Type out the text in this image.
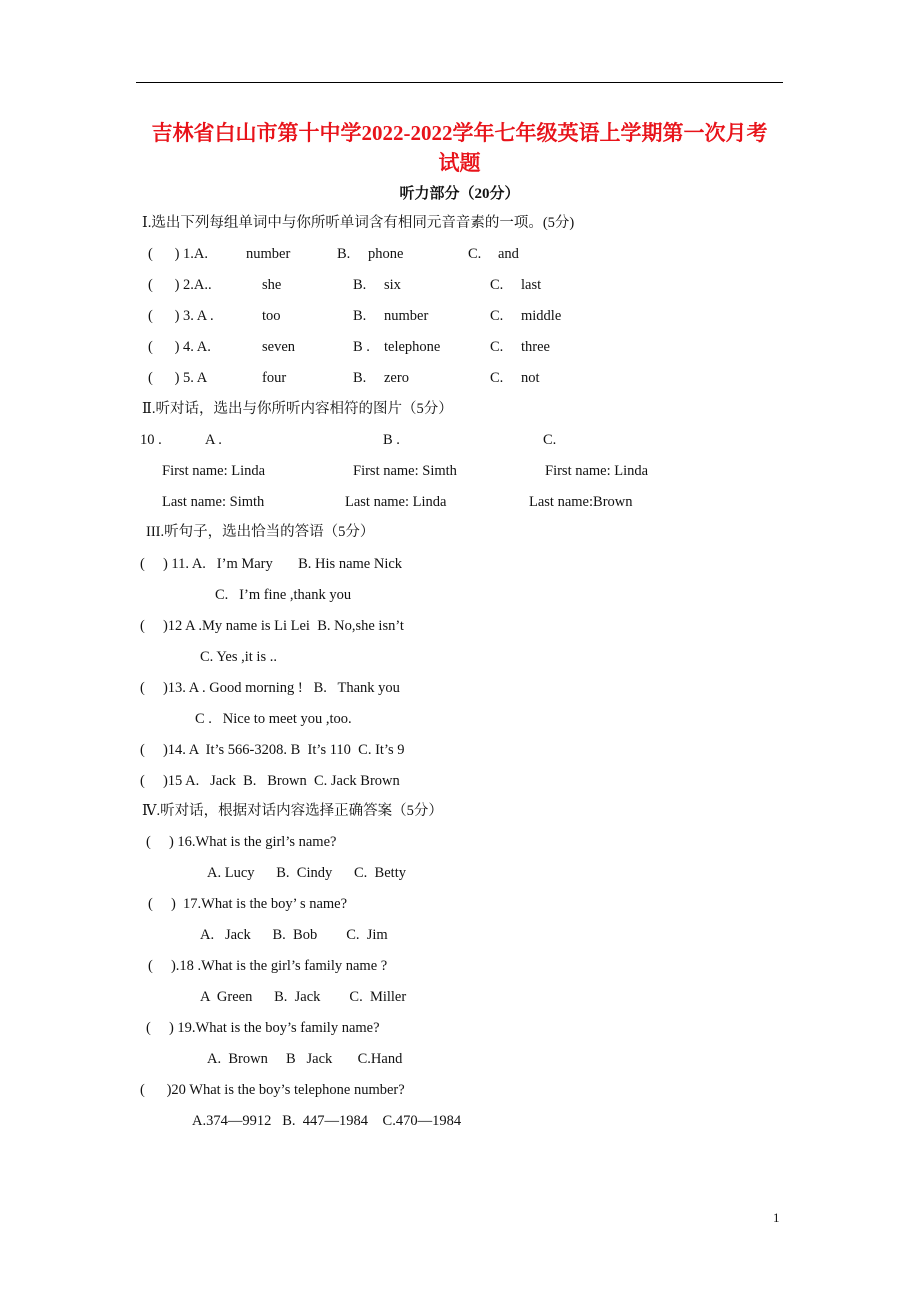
吉林省白山市第十中学2022-2022学年七年级英语上学期第一次月考
试题
听力部分（20分）
Ⅰ.选出下列每组单词中与你所听单词含有相同元音音素的一项。(5分)
(      ) 1.A.	number	B. phone	C. and
(      ) 2.A..	she	B. six	C. last
(      ) 3. A .	too	B. number	C. middle
(      ) 4. A.	seven	B . telephone	C. three
(      ) 5. A	four	B. zero	C. not
Ⅱ.听对话，选出与你所听内容相符的图片（5分）
10 .	A .	B .	C.
First name: Linda	First name: Simth	First name: Linda
Last name: Simth	Last name: Linda	Last name:Brown
III.听句子，选出恰当的答语（5分）
(     ) 11. A.   I’m Mary       B. His name Nick
C.   I’m fine ,thank you
(     )12 A .My name is Li Lei  B. No,she isn’t
C. Yes ,it is ..
(     )13. A . Good morning !   B.   Thank you
C .   Nice to meet you ,too.
(     )14. A  It’s 566-3208. B  It’s 110  C. It’s 9
(     )15 A.   Jack  B.   Brown  C. Jack Brown
Ⅳ.听对话，根据对话内容选择正确答案（5分）
(     ) 16.What is the girl’s name?
A. Lucy      B.  Cindy      C.  Betty
(     )  17.What is the boy’ s name?
A.   Jack      B.  Bob        C.  Jim
(     ).18 .What is the girl’s family name ?
A  Green      B.  Jack        C.  Miller
(     ) 19.What is the boy’s family name?
A.  Brown     B   Jack       C.Hand
(      )20 What is the boy’s telephone number?
A.374—9912   B.  447—1984    C.470—1984
1
